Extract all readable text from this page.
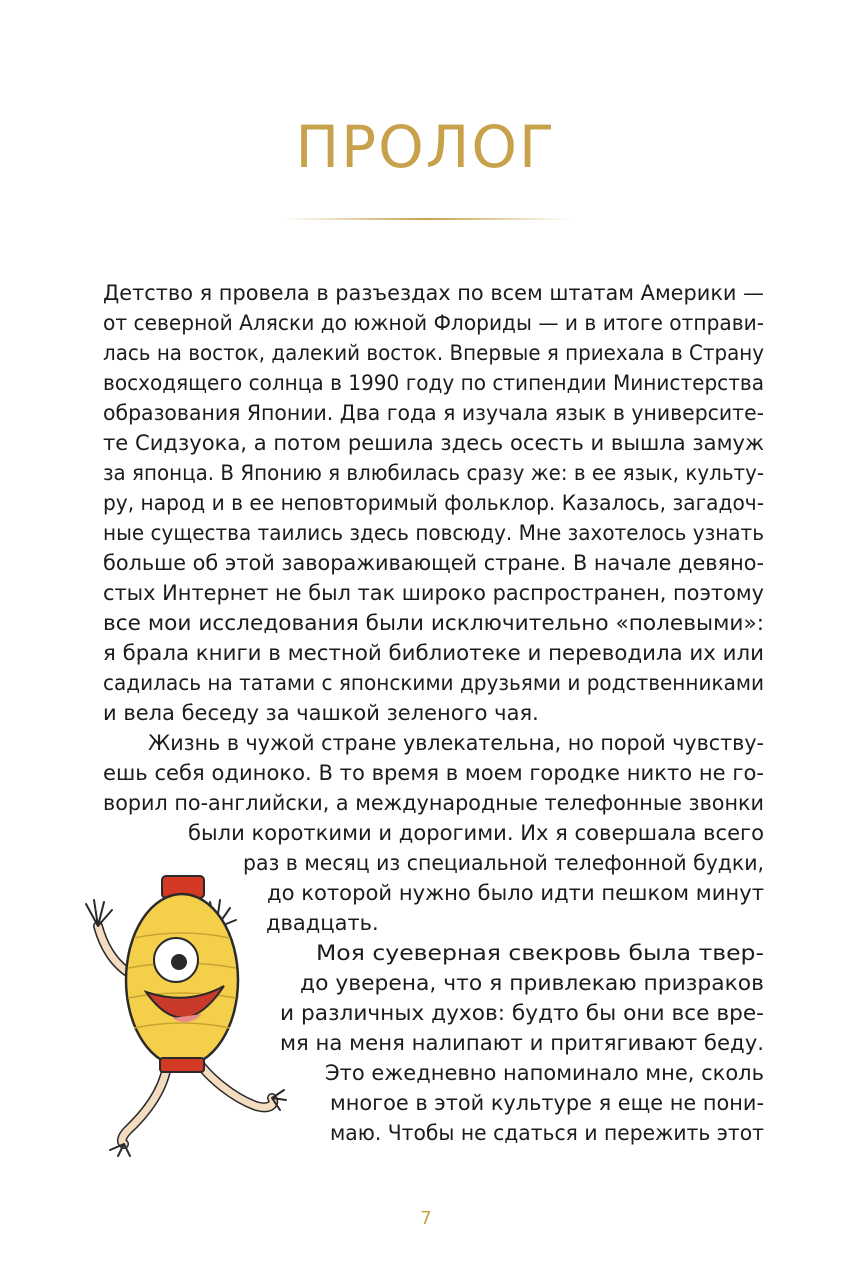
ПРОЛОГ
Детство я провела в разъездах по всем штатам Америки —
от северной Аляски до южной Флориды — и в итоге отправи-
лась на восток, далекий восток. Впервые я приехала в Страну
восходящего солнца в 1990 году по стипендии Министерства
образования Японии. Два года я изучала язык в университе-
те Сидзуока, а потом решила здесь осесть и вышла замуж
за японца. В Японию я влюбилась сразу же: в ее язык, культу-
ру, народ и в ее неповторимый фольклор. Казалось, загадоч-
ные существа таились здесь повсюду. Мне захотелось узнать
больше об этой завораживающей стране. В начале девяно-
стых Интернет не был так широко распространен, поэтому
все мои исследования были исключительно «полевыми»:
я брала книги в местной библиотеке и переводила их или
садилась на татами с японскими друзьями и родственниками
и вела беседу за чашкой зеленого чая.
Жизнь в чужой стране увлекательна, но порой чувству-
ешь себя одиноко. В то время в моем городке никто не го-
ворил по-английски, а международные телефонные звонки
были короткими и дорогими. Их я совершала всего
раз в месяц из специальной телефонной будки,
до которой нужно было идти пешком минут
двадцать.
Моя суеверная свекровь была твер-
до уверена, что я привлекаю призраков
и различных духов: будто бы они все вре-
мя на меня налипают и притягивают беду.
Это ежедневно напоминало мне, сколь
многое в этой культуре я еще не пони-
маю. Чтобы не сдаться и пережить этот
7
